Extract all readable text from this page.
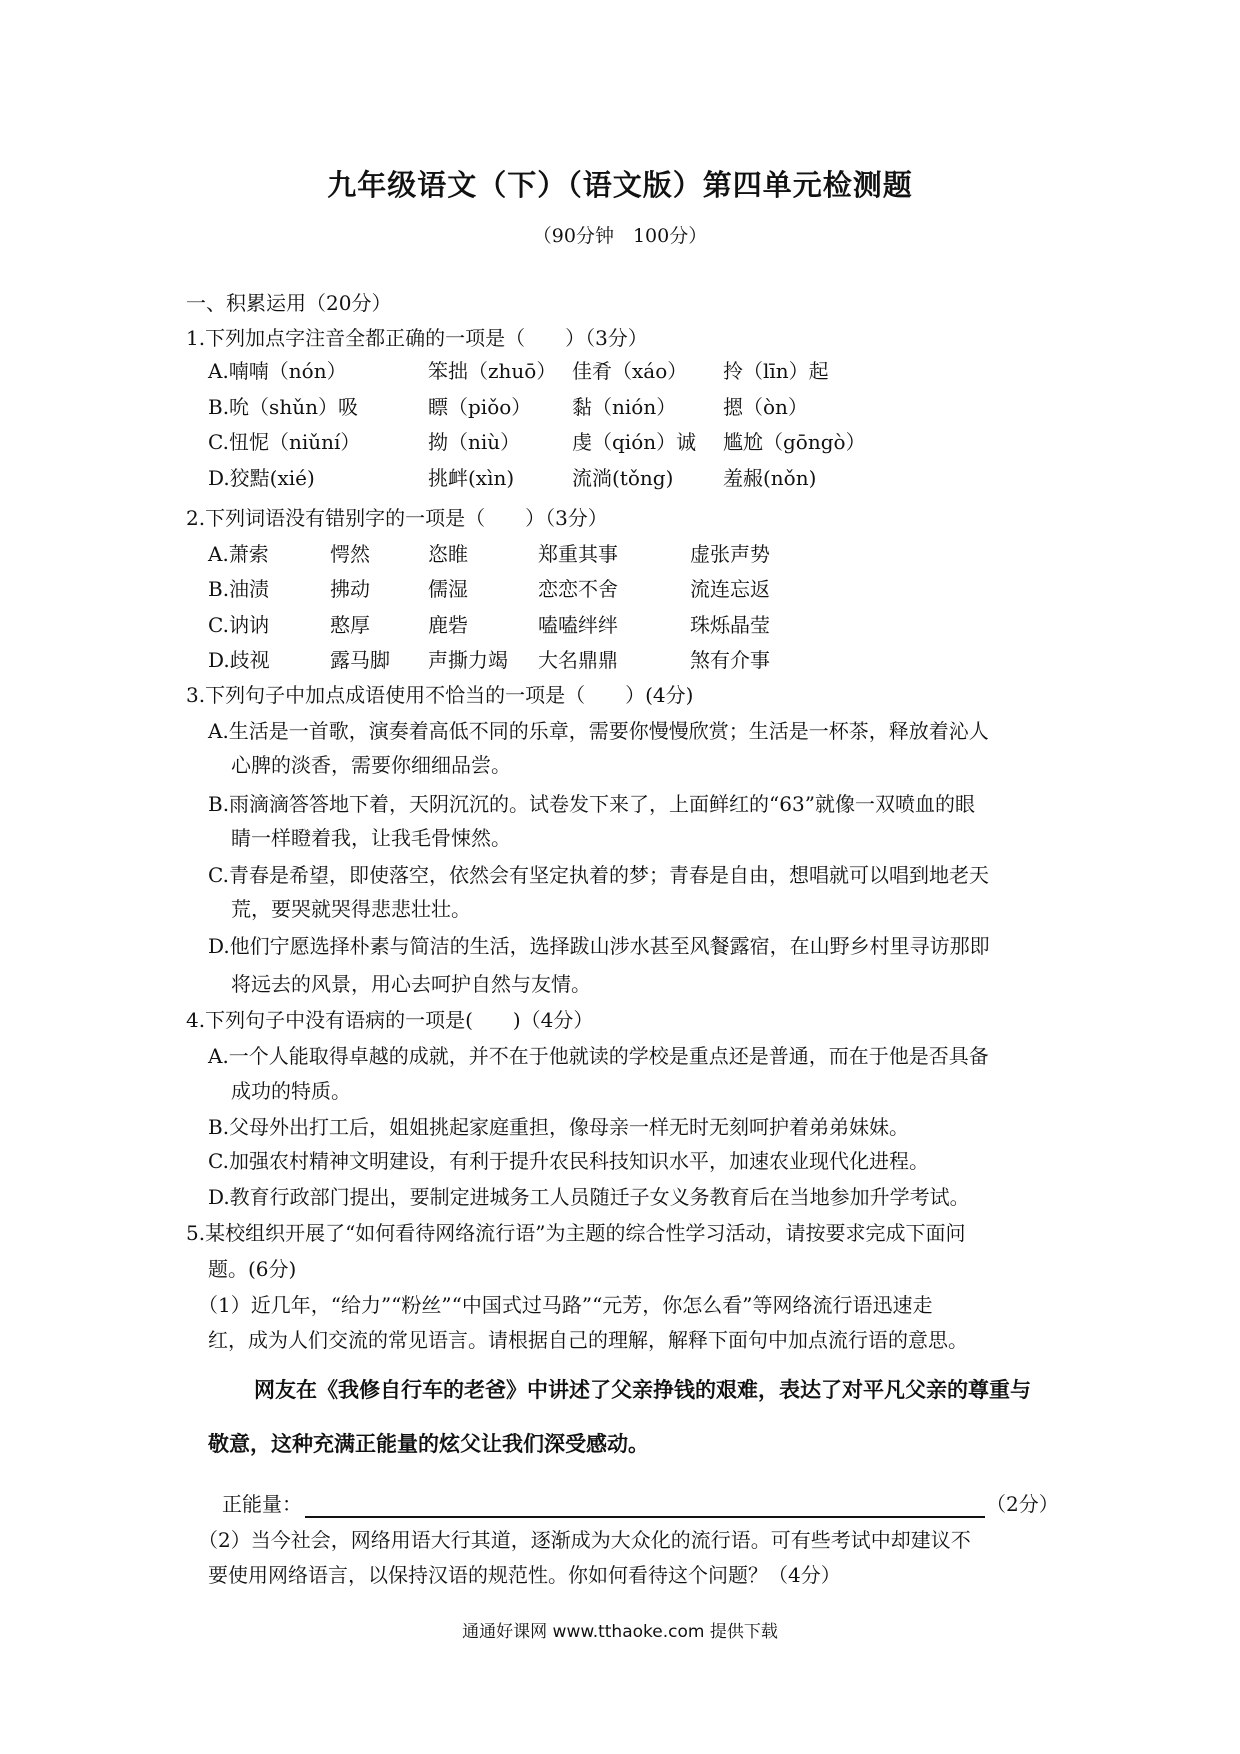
九年级语文（下）（语文版）第四单元检测题
（90分钟　100分）
一、积累运用（20分）
1.下列加点字注音全都正确的一项是（　　）（3分）
A.喃喃（nón）	笨拙（zhuō） 佳肴（xáo） 拎（līn）起
B.吮（shǔn）吸	瞟（piǒo） 黏（nión） 摁（òn）
C.忸怩（niǔní）	拗（niù）	虔（qión）诚 尴尬（gōngò）
D.狡黠(xié)	挑衅(xìn)	流淌(tǒng) 羞赧(nǒn)
2.下列词语没有错别字的一项是（　　）（3分）
A.萧索	愕然	恣睢	郑重其事	虚张声势
B.油渍	拂动	儒湿	恋恋不舍	流连忘返
C.讷讷	憨厚	鹿砦	嗑嗑绊绊	珠烁晶莹
D.歧视	露马脚 声撕力竭 大名鼎鼎	煞有介事
3.下列句子中加点成语使用不恰当的一项是（　　）(4分)
A.生活是一首歌，演奏着高低不同的乐章，需要你慢慢欣赏；生活是一杯茶，释放着沁人
心脾的淡香，需要你细细品尝。
B.雨滴滴答答地下着，天阴沉沉的。试卷发下来了，上面鲜红的“63”就像一双喷血的眼
睛一样瞪着我，让我毛骨悚然。
C.青春是希望，即使落空，依然会有坚定执着的梦；青春是自由，想唱就可以唱到地老天
荒，要哭就哭得悲悲壮壮。
D.他们宁愿选择朴素与简洁的生活，选择跋山涉水甚至风餐露宿，在山野乡村里寻访那即
将远去的风景，用心去呵护自然与友情。
4.下列句子中没有语病的一项是(　　)（4分）
A.一个人能取得卓越的成就，并不在于他就读的学校是重点还是普通，而在于他是否具备
成功的特质。
B.父母外出打工后，姐姐挑起家庭重担，像母亲一样无时无刻呵护着弟弟妹妹。
C.加强农村精神文明建设，有利于提升农民科技知识水平，加速农业现代化进程。
D.教育行政部门提出，要制定进城务工人员随迁子女义务教育后在当地参加升学考试。
5.某校组织开展了“如何看待网络流行语”为主题的综合性学习活动，请按要求完成下面问
题。(6分)
（1）近几年，“给力”“粉丝”“中国式过马路”“元芳，你怎么看”等网络流行语迅速走
红，成为人们交流的常见语言。请根据自己的理解，解释下面句中加点流行语的意思。
网友在《我修自行车的老爸》中讲述了父亲挣钱的艰难，表达了对平凡父亲的尊重与
敬意，这种充满正能量的炫父让我们深受感动。
正能量：	（2分）
（2）当今社会，网络用语大行其道，逐渐成为大众化的流行语。可有些考试中却建议不
要使用网络语言，以保持汉语的规范性。你如何看待这个问题？（4分）
通通好课网 www.tthaoke.com 提供下载
